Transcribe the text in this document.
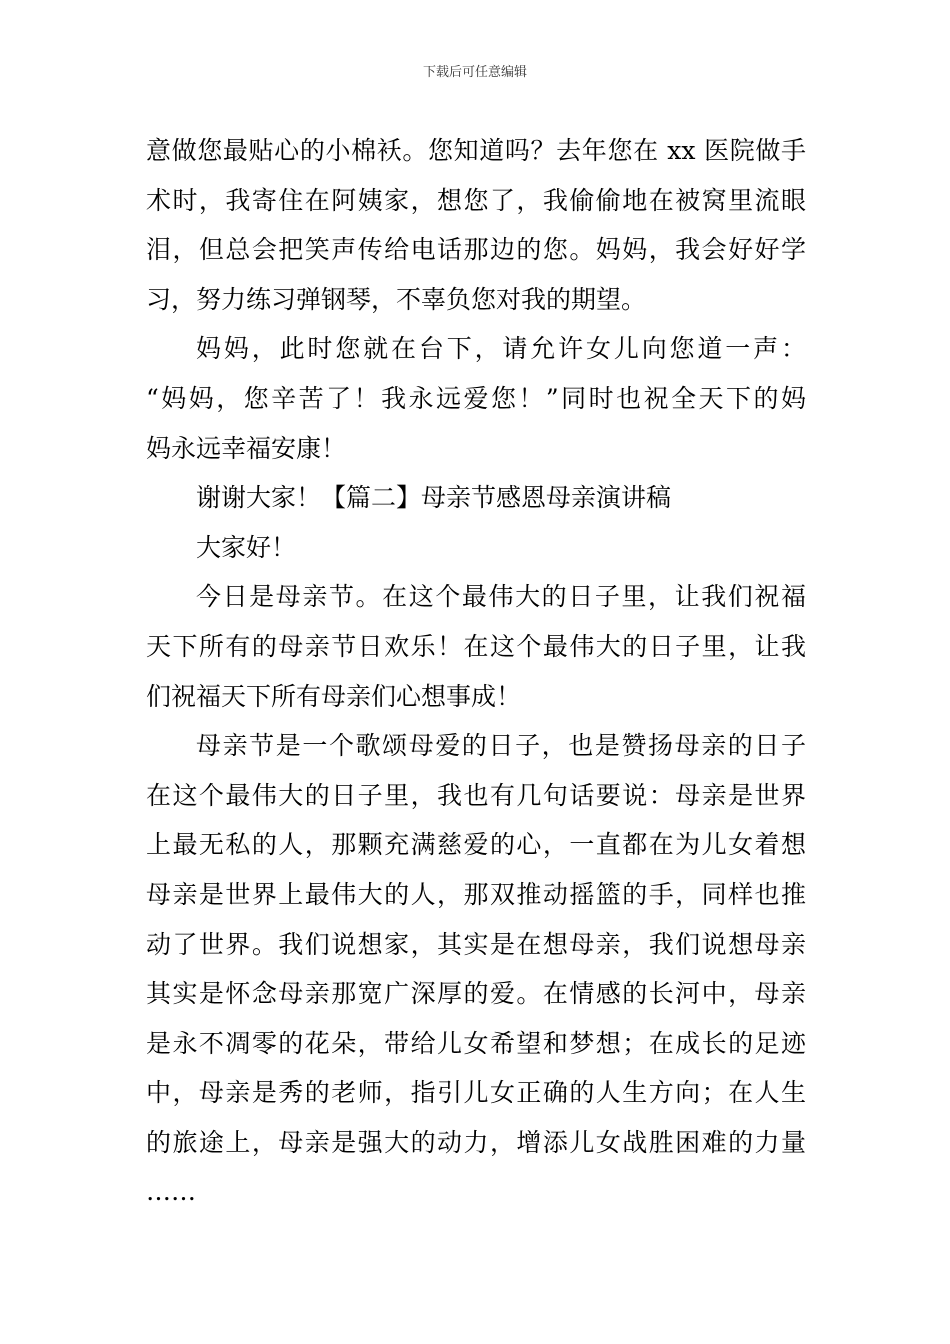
下载后可任意编辑
意做您最贴心的小棉袄。您知道吗？去年您在 xx 医院做手
术时，我寄住在阿姨家，想您了，我偷偷地在被窝里流眼
泪，但总会把笑声传给电话那边的您。妈妈，我会好好学
习，努力练习弹钢琴，不辜负您对我的期望。
妈妈，此时您就在台下，请允许女儿向您道一声：
“妈妈，您辛苦了！我永远爱您！”同时也祝全天下的妈
妈永远幸福安康！
谢谢大家！【篇二】母亲节感恩母亲演讲稿
大家好！
今日是母亲节。在这个最伟大的日子里，让我们祝福
天下所有的母亲节日欢乐！在这个最伟大的日子里，让我
们祝福天下所有母亲们心想事成！
母亲节是一个歌颂母爱的日子，也是赞扬母亲的日子
在这个最伟大的日子里，我也有几句话要说：母亲是世界
上最无私的人，那颗充满慈爱的心，一直都在为儿女着想
母亲是世界上最伟大的人，那双推动摇篮的手，同样也推
动了世界。我们说想家，其实是在想母亲，我们说想母亲
其实是怀念母亲那宽广深厚的爱。在情感的长河中，母亲
是永不凋零的花朵，带给儿女希望和梦想；在成长的足迹
中，母亲是秀的老师，指引儿女正确的人生方向；在人生
的旅途上，母亲是强大的动力，增添儿女战胜困难的力量
……
